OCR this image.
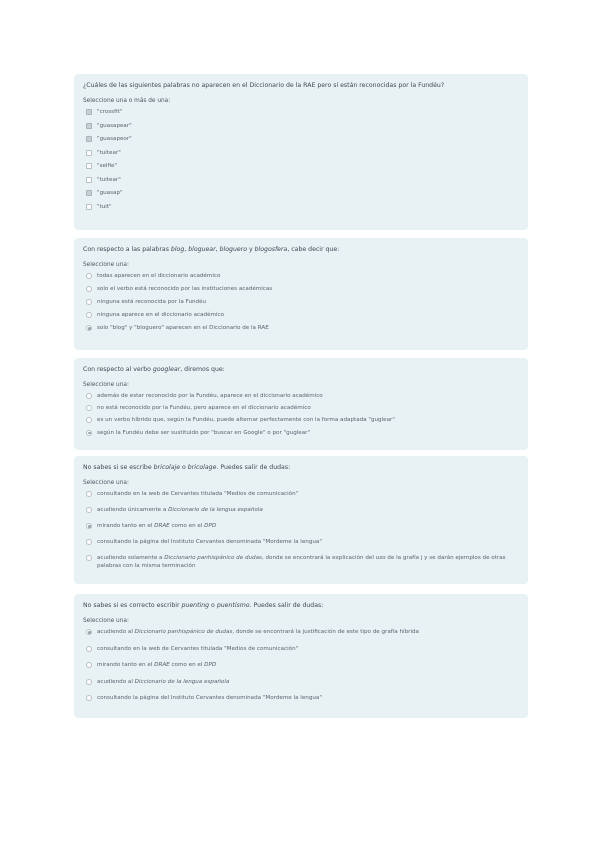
¿Cuáles de las siguientes palabras no aparecen en el Diccionario de la RAE pero sí están reconocidas por la Fundéu?

Seleccione una o más de una:

"crossfit"
"guasapear"
"guasapeor"
"tuitear"
"selfie"
"tuitear"
"guasap"
"tuit"

Con respecto a las palabras blog, bloguear, bloguero y blogosfera, cabe decir que:

Seleccione una:

todas aparecen en el diccionario académico
solo el verbo está reconocido por las instituciones académicas
ninguna está reconocida por la Fundéu
ninguna aparece en el diccionario académico
solo "blog" y "bloguero" aparecen en el Diccionario de la RAE

Con respecto al verbo googlear, diremos que:

Seleccione una:

además de estar reconocido por la Fundéu, aparece en el diccionario académico
no está reconocido por la Fundéu, pero aparece en el diccionario académico
es un verbo híbrido que, según la Fundéu, puede alternar perfectamente con la forma adaptada "guglear"
según la Fundéu debe ser sustituido por "buscar en Google" o por "guglear"

No sabes si se escribe bricolaje o bricolage. Puedes salir de dudas:

Seleccione una:

consultando en la web de Cervantes titulada "Medios de comunicación"
acudiendo únicamente a Diccionario de la lengua española
mirando tanto en el DRAE como en el DPD
consultando la página del Instituto Cervantes denominada "Mordeme la lengua"
acudiendo solamente a Diccionario panhispánico de dudas, donde se encontrará la explicación del uso de la grafía j y se darán ejemplos de otras palabras con la misma terminación

No sabes si es correcto escribir puenting o puentismo. Puedes salir de dudas:

Seleccione una:

acudiendo al Diccionario panhispánico de dudas, donde se encontrará la justificación de este tipo de grafía híbrida
consultando en la web de Cervantes titulada "Medios de comunicación"
mirando tanto en el DRAE como en el DPD
acudiendo al Diccionario de la lengua española
consultando la página del Instituto Cervantes denominada "Mordeme la lengua"
